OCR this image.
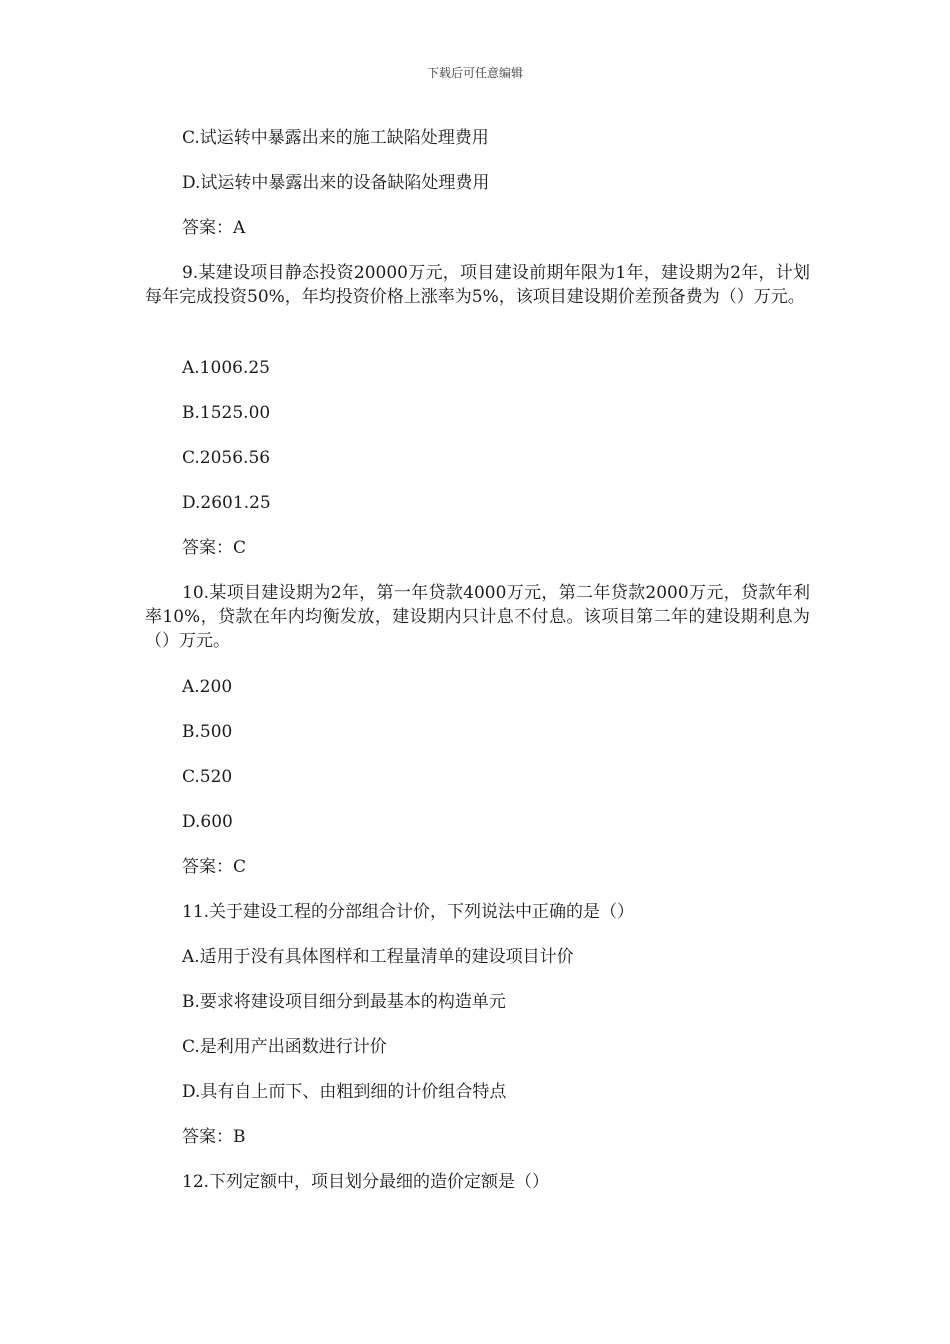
下载后可任意编辑
C.试运转中暴露出来的施工缺陷处理费用
D.试运转中暴露出来的设备缺陷处理费用
答案：A
9.某建设项目静态投资20000万元，项目建设前期年限为1年，建设期为2年，计划每年完成投资50%，年均投资价格上涨率为5%，该项目建设期价差预备费为（）万元。
A.1006.25
B.1525.00
C.2056.56
D.2601.25
答案：C
10.某项目建设期为2年，第一年贷款4000万元，第二年贷款2000万元，贷款年利率10%，贷款在年内均衡发放，建设期内只计息不付息。该项目第二年的建设期利息为（）万元。
A.200
B.500
C.520
D.600
答案：C
11.关于建设工程的分部组合计价，下列说法中正确的是（）
A.适用于没有具体图样和工程量清单的建设项目计价
B.要求将建设项目细分到最基本的构造单元
C.是利用产出函数进行计价
D.具有自上而下、由粗到细的计价组合特点
答案：B
12.下列定额中，项目划分最细的造价定额是（）
